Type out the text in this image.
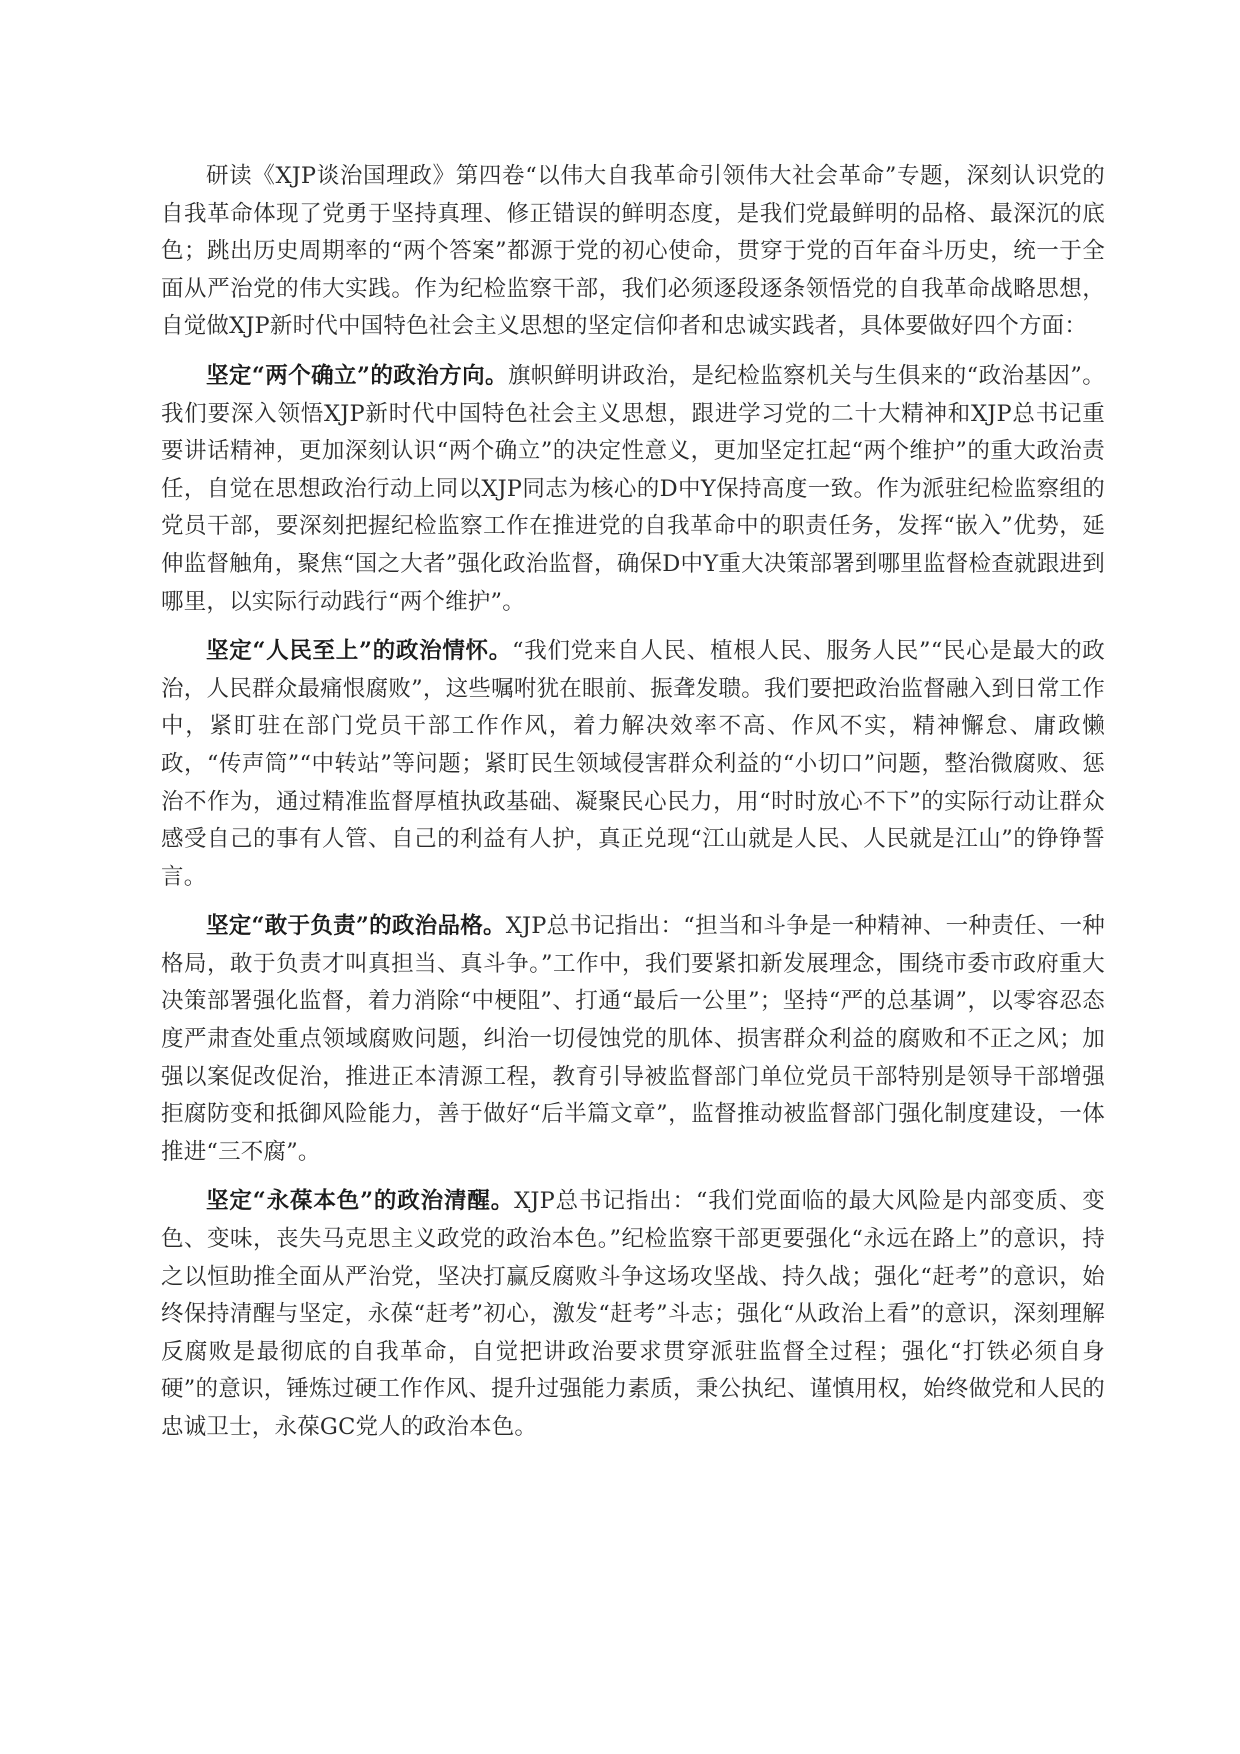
研读《XJP谈治国理政》第四卷“以伟大自我革命引领伟大社会革命”专题，深刻认识党的自我革命体现了党勇于坚持真理、修正错误的鲜明态度，是我们党最鲜明的品格、最深沉的底色；跳出历史周期率的“两个答案”都源于党的初心使命，贯穿于党的百年奋斗历史，统一于全面从严治党的伟大实践。作为纪检监察干部，我们必须逐段逐条领悟党的自我革命战略思想，自觉做XJP新时代中国特色社会主义思想的坚定信仰者和忠诚实践者，具体要做好四个方面：

坚定“两个确立”的政治方向。旗帜鲜明讲政治，是纪检监察机关与生俱来的“政治基因”。我们要深入领悟XJP新时代中国特色社会主义思想，跟进学习党的二十大精神和XJP总书记重要讲话精神，更加深刻认识“两个确立”的决定性意义，更加坚定扛起“两个维护”的重大政治责任，自觉在思想政治行动上同以XJP同志为核心的D中Y保持高度一致。作为派驻纪检监察组的党员干部，要深刻把握纪检监察工作在推进党的自我革命中的职责任务，发挥“嵌入”优势，延伸监督触角，聚焦“国之大者”强化政治监督，确保D中Y重大决策部署到哪里监督检查就跟进到哪里，以实际行动践行“两个维护”。

坚定“人民至上”的政治情怀。“我们党来自人民、植根人民、服务人民”“民心是最大的政治，人民群众最痛恨腐败”，这些嘱咐犹在眼前、振聋发聩。我们要把政治监督融入到日常工作中，紧盯驻在部门党员干部工作作风，着力解决效率不高、作风不实，精神懈怠、庸政懒政，“传声筒”“中转站”等问题；紧盯民生领域侵害群众利益的“小切口”问题，整治微腐败、惩治不作为，通过精准监督厚植执政基础、凝聚民心民力，用“时时放心不下”的实际行动让群众感受自己的事有人管、自己的利益有人护，真正兑现“江山就是人民、人民就是江山”的铮铮誓言。

坚定“敢于负责”的政治品格。XJP总书记指出：“担当和斗争是一种精神、一种责任、一种格局，敢于负责才叫真担当、真斗争。”工作中，我们要紧扣新发展理念，围绕市委市政府重大决策部署强化监督，着力消除“中梗阻”、打通“最后一公里”；坚持“严的总基调”，以零容忍态度严肃查处重点领域腐败问题，纠治一切侵蚀党的肌体、损害群众利益的腐败和不正之风；加强以案促改促治，推进正本清源工程，教育引导被监督部门单位党员干部特别是领导干部增强拒腐防变和抵御风险能力，善于做好“后半篇文章”，监督推动被监督部门强化制度建设，一体推进“三不腐”。

坚定“永葆本色”的政治清醒。XJP总书记指出：“我们党面临的最大风险是内部变质、变色、变味，丧失马克思主义政党的政治本色。”纪检监察干部更要强化“永远在路上”的意识，持之以恒助推全面从严治党，坚决打赢反腐败斗争这场攻坚战、持久战；强化“赶考”的意识，始终保持清醒与坚定，永葆“赶考”初心，激发“赶考”斗志；强化“从政治上看”的意识，深刻理解反腐败是最彻底的自我革命，自觉把讲政治要求贯穿派驻监督全过程；强化“打铁必须自身硬”的意识，锤炼过硬工作作风、提升过强能力素质，秉公执纪、谨慎用权，始终做党和人民的忠诚卫士，永葆GC党人的政治本色。
